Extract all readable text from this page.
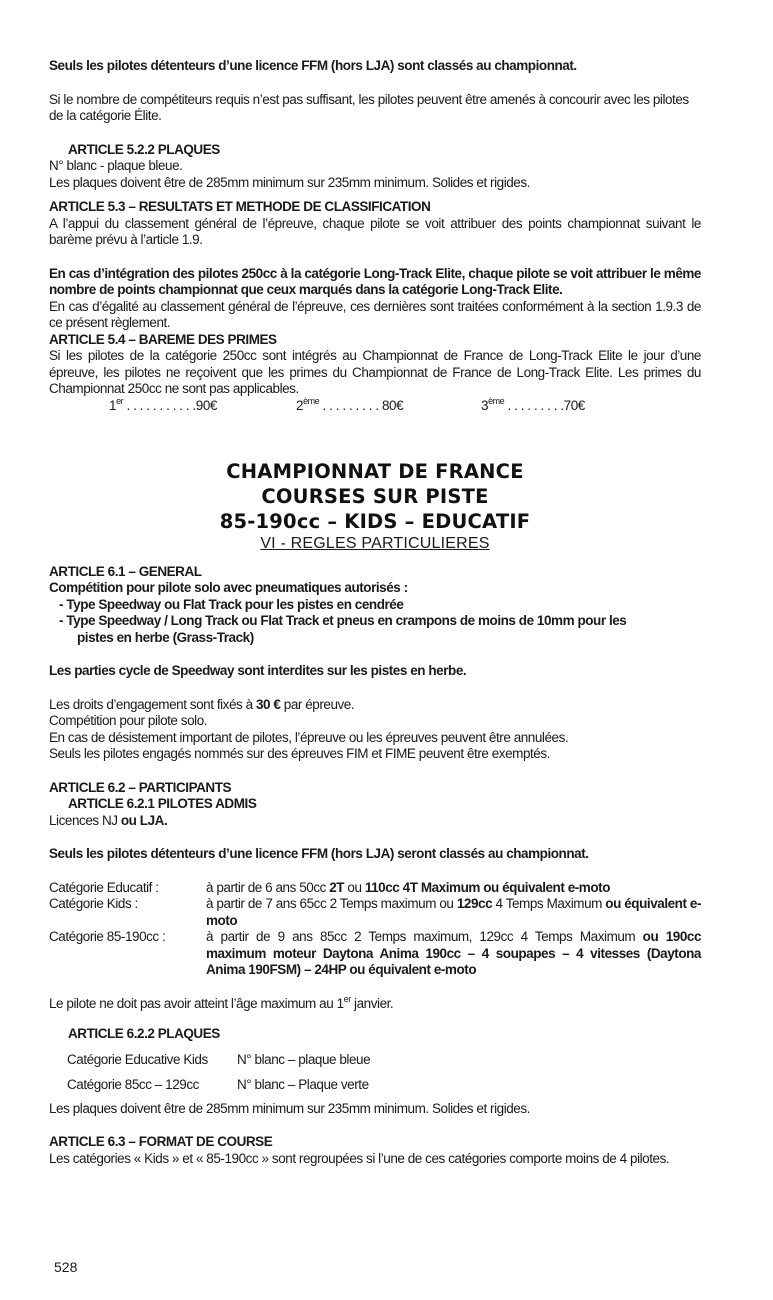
Seuls les pilotes détenteurs d’une licence FFM (hors LJA) sont classés au championnat.

Si le nombre de compétiteurs requis n’est pas suffisant, les pilotes peuvent être amenés à concourir avec les pilotes de la catégorie Élite.

ARTICLE 5.2.2 PLAQUES

N° blanc - plaque bleue.

Les plaques doivent être de 285mm minimum sur 235mm minimum. Solides et rigides.

ARTICLE 5.3 – RESULTATS ET METHODE DE CLASSIFICATION

A l’appui du classement général de l’épreuve, chaque pilote se voit attribuer des points championnat suivant le barème prévu à l’article 1.9.

En cas d’intégration des pilotes 250cc à la catégorie Long-Track Elite, chaque pilote se voit attribuer le même nombre de points championnat que ceux marqués dans la catégorie Long-Track Elite.

En cas d’égalité au classement général de l’épreuve, ces dernières sont traitées conformément à la section 1.9.3 de ce présent règlement.

ARTICLE 5.4 – BAREME DES PRIMES

Si les pilotes de la catégorie 250cc sont intégrés au Championnat de France de Long-Track Elite le jour d’une épreuve, les pilotes ne reçoivent que les primes du Championnat de France de Long-Track Elite. Les primes du Championnat 250cc ne sont pas applicables.

1er . . . . . . . . . . .90€	2ème . . . . . . . . . 80€	3ème . . . . . . . . .70€

CHAMPIONNAT DE FRANCE

COURSES SUR PISTE

85-190cc – KIDS – EDUCATIF

VI - REGLES PARTICULIERES

ARTICLE 6.1 – GENERAL

Compétition pour pilote solo avec pneumatiques autorisés :

- Type Speedway ou Flat Track pour les pistes en cendrée

- Type Speedway / Long Track ou Flat Track et pneus en crampons de moins de 10mm pour les

pistes en herbe (Grass-Track)

Les parties cycle de Speedway sont interdites sur les pistes en herbe.

Les droits d’engagement sont fixés à 30 € par épreuve.

Compétition pour pilote solo.

En cas de désistement important de pilotes, l’épreuve ou les épreuves peuvent être annulées.

Seuls les pilotes engagés nommés sur des épreuves FIM et FIME peuvent être exemptés.

ARTICLE 6.2 – PARTICIPANTS

ARTICLE 6.2.1 PILOTES ADMIS

Licences NJ ou LJA.

Seuls les pilotes détenteurs d’une licence FFM (hors LJA) seront classés au championnat.

Catégorie Educatif :	à partir de 6 ans 50cc 2T ou 110cc 4T Maximum ou équivalent e-moto
Catégorie Kids :	à partir de 7 ans 65cc 2 Temps maximum ou 129cc 4 Temps Maximum ou équivalent e-moto
Catégorie 85-190cc :	à partir de 9 ans 85cc 2 Temps maximum, 129cc 4 Temps Maximum ou 190cc maximum moteur Daytona Anima 190cc – 4 soupapes – 4 vitesses (Daytona Anima 190FSM) – 24HP ou équivalent e-moto

Le pilote ne doit pas avoir atteint l’âge maximum au 1er janvier.

ARTICLE 6.2.2 PLAQUES

Catégorie Educative Kids	N° blanc – plaque bleue
Catégorie 85cc – 129cc	N° blanc – Plaque verte

Les plaques doivent être de 285mm minimum sur 235mm minimum. Solides et rigides.

ARTICLE 6.3 – FORMAT DE COURSE

Les catégories « Kids » et « 85-190cc » sont regroupées si l’une de ces catégories comporte moins de 4 pilotes.

528
